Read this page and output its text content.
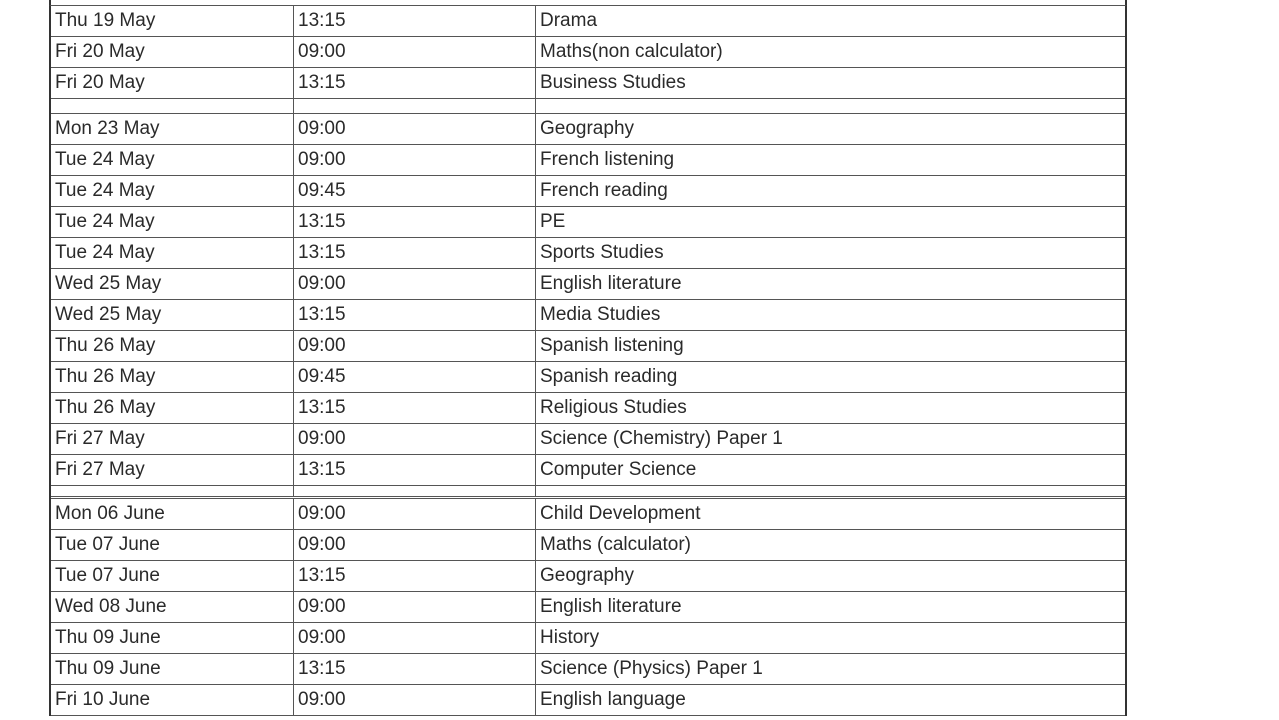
Thu 19 May	13:15	Drama
Fri 20 May	09:00	Maths(non calculator)
Fri 20 May	13:15	Business Studies
Mon 23 May	09:00	Geography
Tue 24 May	09:00	French listening
Tue 24 May	09:45	French reading
Tue 24 May	13:15	PE
Tue 24 May	13:15	Sports Studies
Wed 25 May	09:00	English literature
Wed 25 May	13:15	Media Studies
Thu 26 May	09:00	Spanish listening
Thu 26 May	09:45	Spanish reading
Thu 26 May	13:15	Religious Studies
Fri 27 May	09:00	Science (Chemistry) Paper 1
Fri 27 May	13:15	Computer Science
Mon 06 June	09:00	Child Development
Tue 07 June	09:00	Maths (calculator)
Tue 07 June	13:15	Geography
Wed 08 June	09:00	English literature
Thu 09 June	09:00	History
Thu 09 June	13:15	Science (Physics) Paper 1
Fri 10 June	09:00	English language
